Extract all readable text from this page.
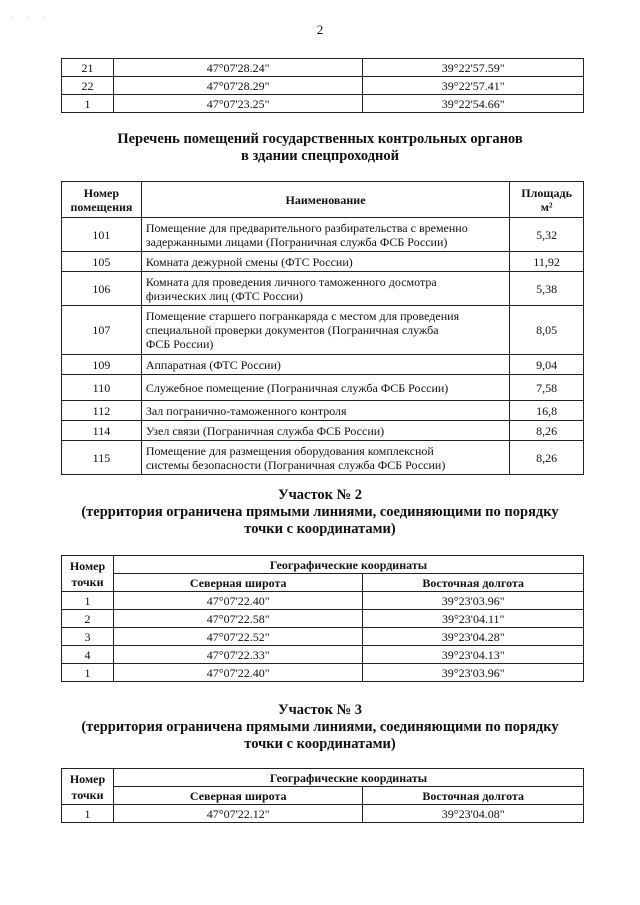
· · ·
2
21	47°07'28.24"	39°22'57.59"
22	47°07'28.29"	39°22'57.41"
1	47°07'23.25"	39°22'54.66"
Перечень помещений государственных контрольных органов
в здании спецпроходной
Номер
помещения	Наименование	Площадь
м²
101	Помещение для предварительного разбирательства с временно
задержанными лицами (Пограничная служба ФСБ России)	5,32
105	Комната дежурной смены (ФТС России)	11,92
106	Комната для проведения личного таможенного досмотра
физических лиц (ФТС России)	5,38
107	Помещение старшего погранкаряда с местом для проведения
специальной проверки документов (Пограничная служба
ФСБ России)	8,05
109	Аппаратная (ФТС России)	9,04
110	Служебное помещение (Пограничная служба ФСБ России)	7,58
112	Зал погранично-таможенного контроля	16,8
114	Узел связи (Пограничная служба ФСБ России)	8,26
115	Помещение для размещения оборудования комплексной
системы безопасности (Пограничная служба ФСБ России)	8,26
Участок № 2
(территория ограничена прямыми линиями, соединяющими по порядку
точки с координатами)
Номер
точки	Географические координаты	
	Северная широта	Восточная долгота
1	47°07'22.40"	39°23'03.96"
2	47°07'22.58"	39°23'04.11"
3	47°07'22.52"	39°23'04.28"
4	47°07'22.33"	39°23'04.13"
1	47°07'22.40"	39°23'03.96"
Участок № 3
(территория ограничена прямыми линиями, соединяющими по порядку
точки с координатами)
Номер
точки	Географические координаты	
	Северная широта	Восточная долгота
1	47°07'22.12"	39°23'04.08"
